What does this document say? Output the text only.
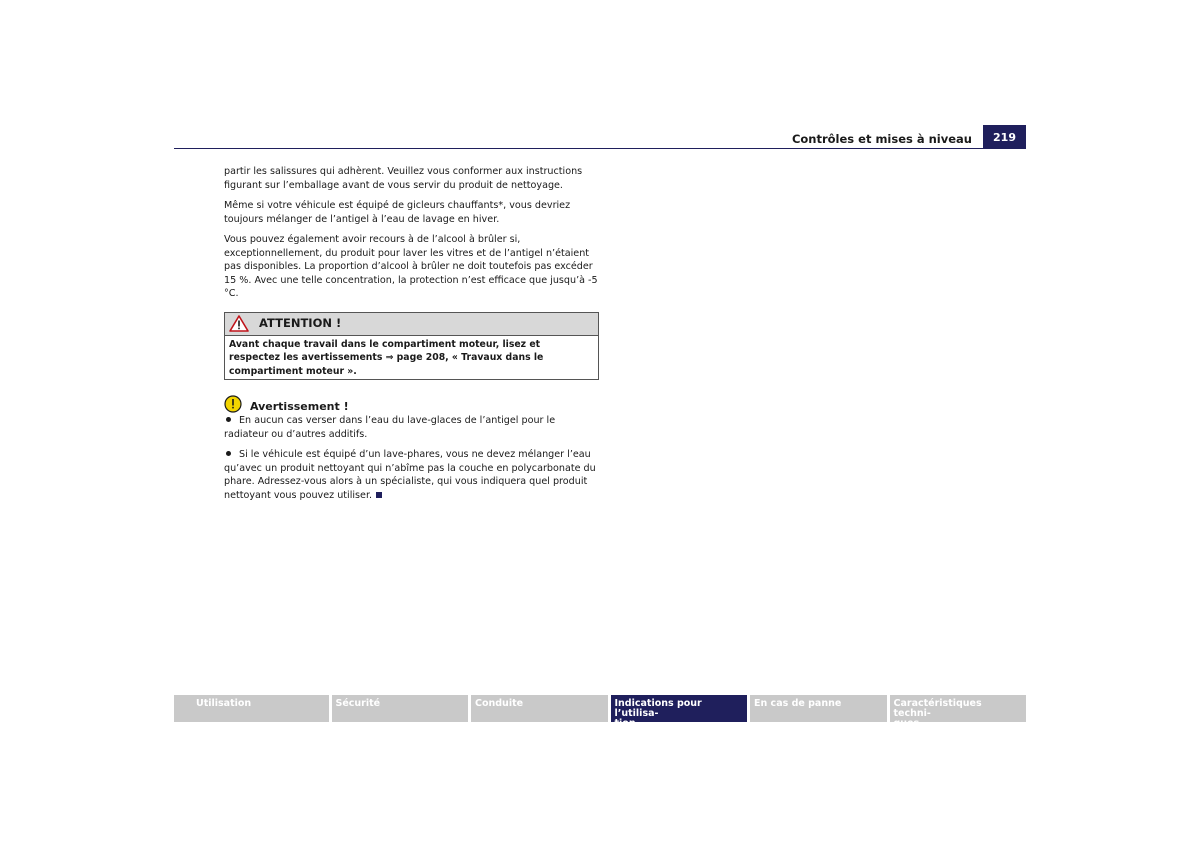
Contrôles et mises à niveau	219

partir les salissures qui adhèrent. Veuillez vous conformer aux instructions figurant sur l’emballage avant de vous servir du produit de nettoyage.

Même si votre véhicule est équipé de gicleurs chauffants*, vous devriez toujours mélanger de l’antigel à l’eau de lavage en hiver.

Vous pouvez également avoir recours à de l’alcool à brûler si, exceptionnellement, du produit pour laver les vitres et de l’antigel n’étaient pas disponibles. La proportion d’alcool à brûler ne doit toutefois pas excéder 15 %. Avec une telle concentration, la protection n’est efficace que jusqu’à -5 °C.

ATTENTION !
Avant chaque travail dans le compartiment moteur, lisez et respectez les avertissements ⇒ page 208, « Travaux dans le compartiment moteur ».
Avertissement !

En aucun cas verser dans l’eau du lave-glaces de l’antigel pour le radiateur ou d’autres additifs.

Si le véhicule est équipé d’un lave-phares, vous ne devez mélanger l’eau qu’avec un produit nettoyant qui n’abîme pas la couche en polycarbonate du phare. Adressez-vous alors à un spécialiste, qui vous indiquera quel produit nettoyant vous pouvez utiliser.

Utilisation	Sécurité	Conduite	Indications pour l’utilisa-
tion
En cas de panne	Caractéristiques techni-
ques
